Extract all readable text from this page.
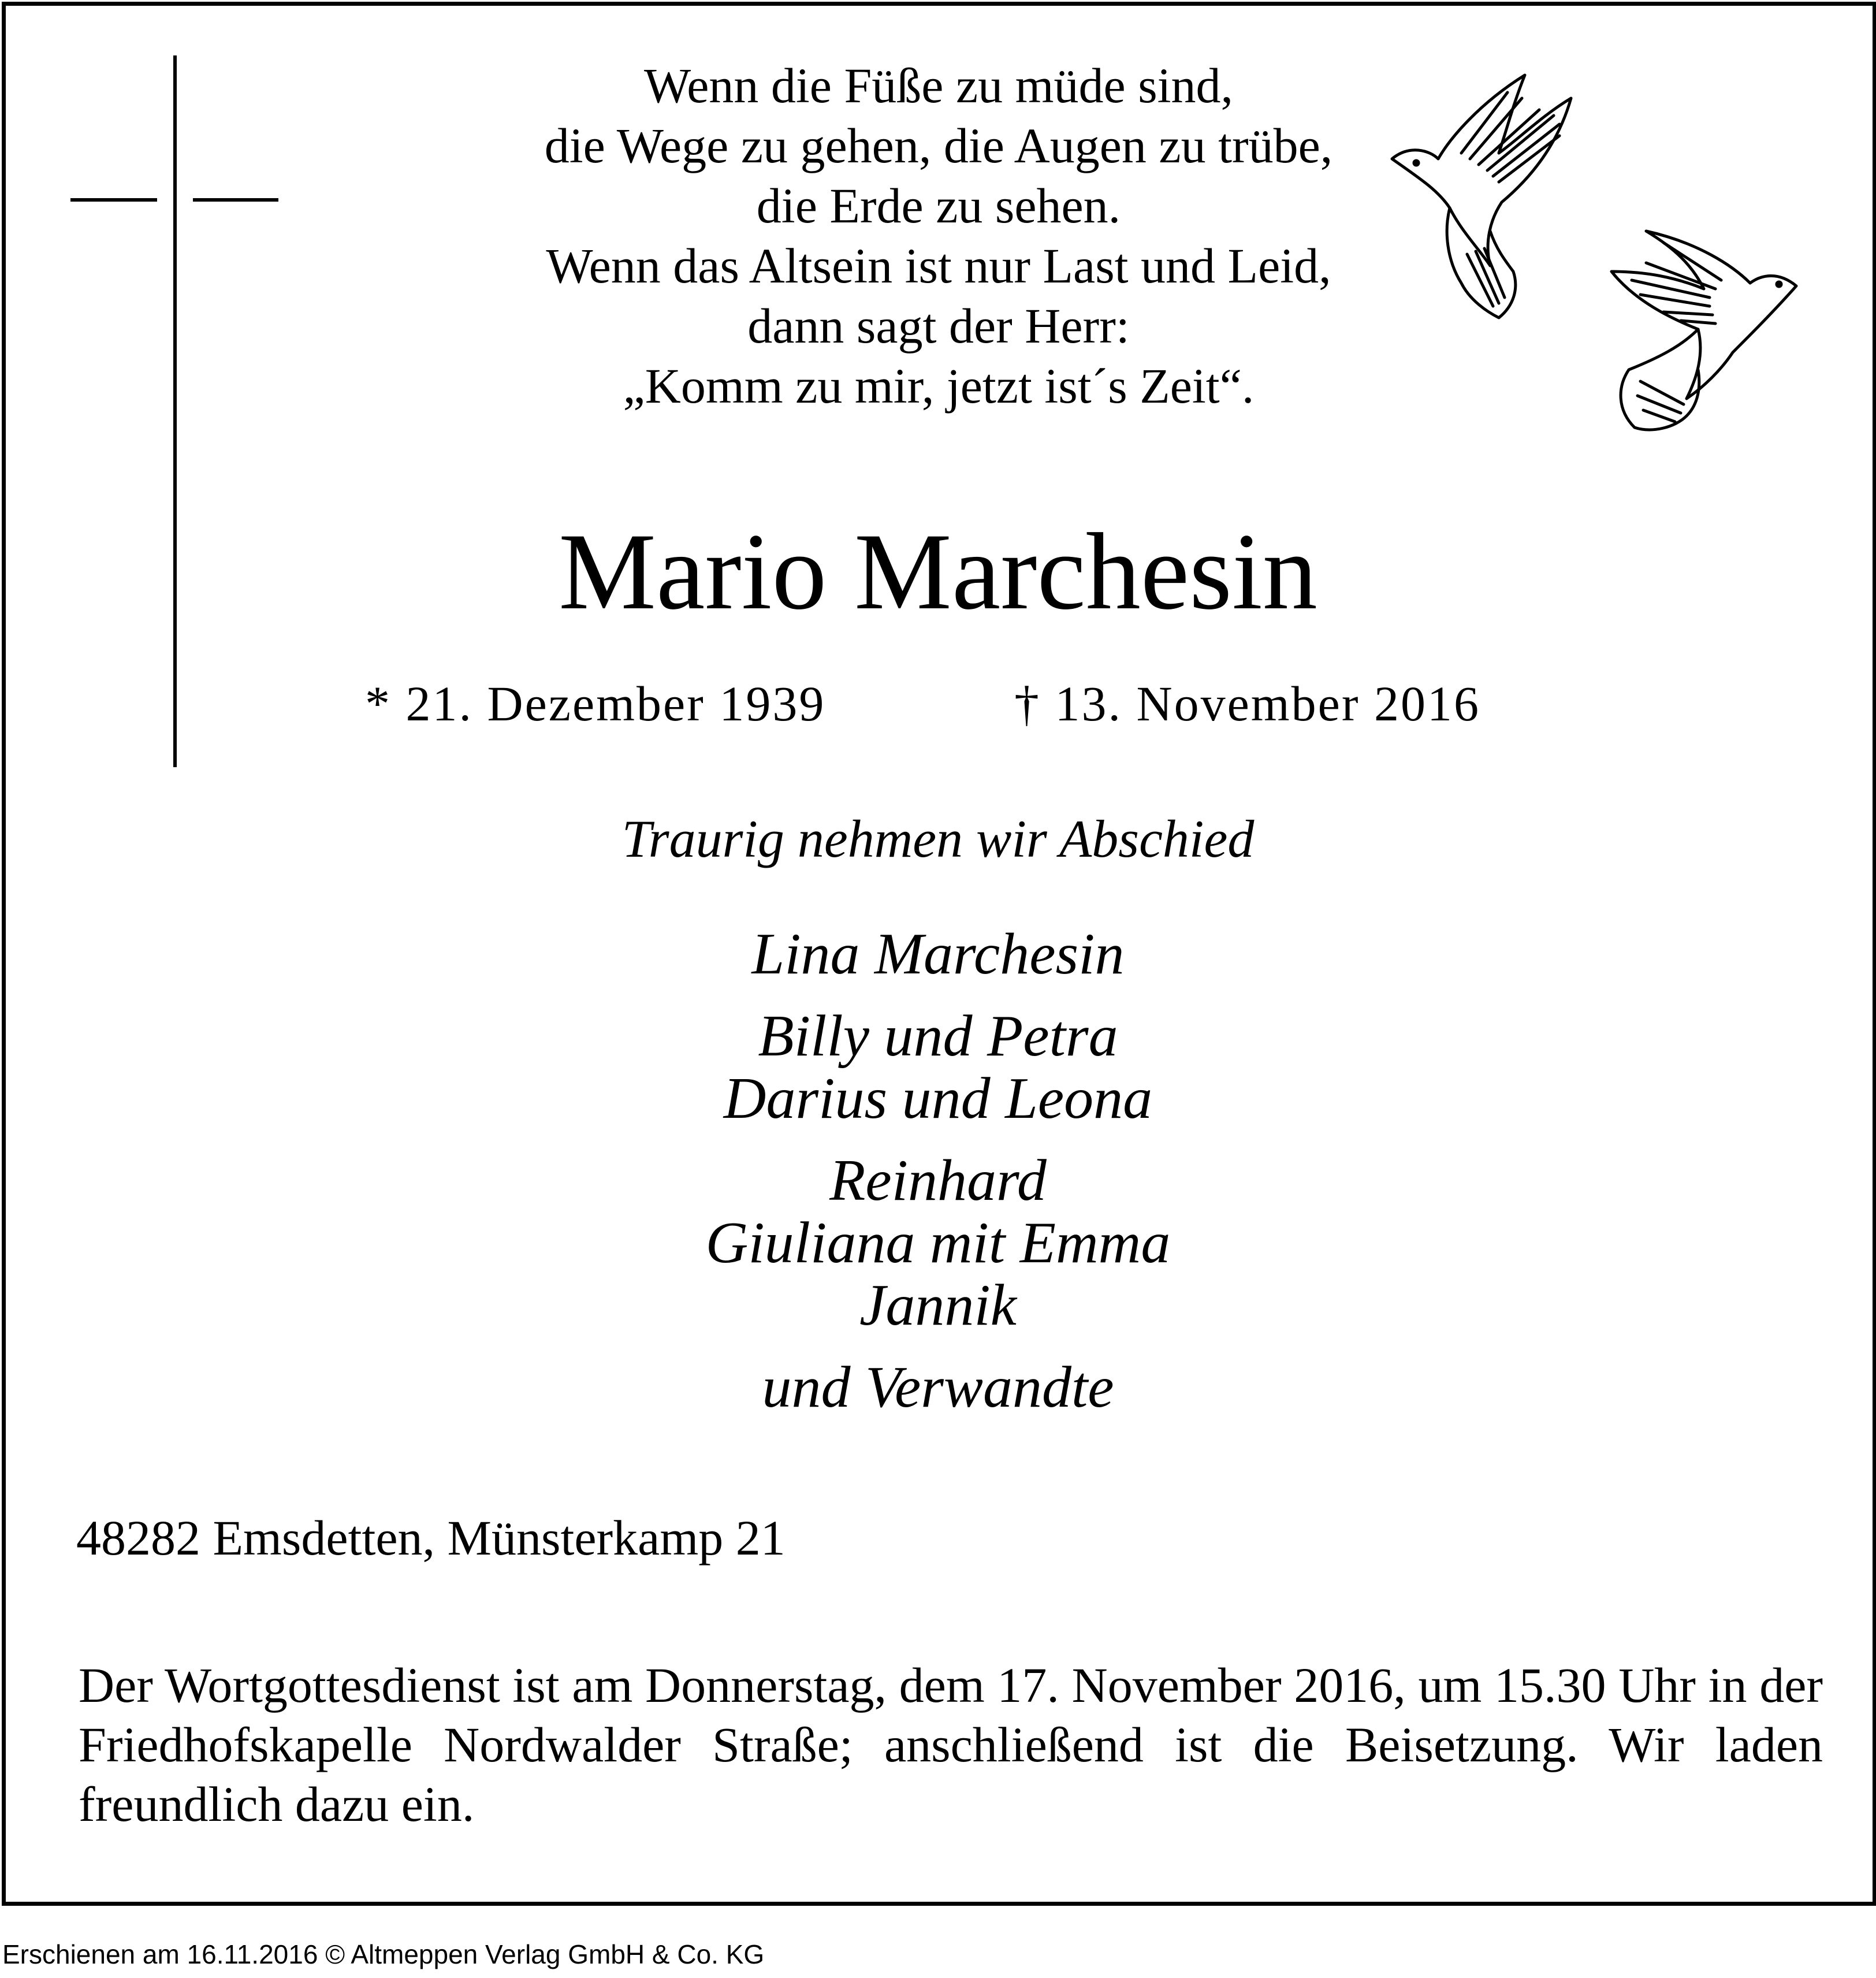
Wenn die Füße zu müde sind,
die Wege zu gehen, die Augen zu trübe,
die Erde zu sehen.
Wenn das Altsein ist nur Last und Leid,
dann sagt der Herr:
„Komm zu mir, jetzt ist´s Zeit“.
Mario Marchesin
* 21. Dezember 1939	† 13. November 2016
Traurig nehmen wir Abschied
Lina Marchesin
Billy und Petra
Darius und Leona
Reinhard
Giuliana mit Emma
Jannik
und Verwandte
48282 Emsdetten, Münsterkamp 21
Der Wortgottesdienst ist am Donnerstag, dem 17. November 2016, um 15.30 Uhr in der Friedhofskapelle Nordwalder Straße; anschließend ist die Beisetzung. Wir laden freundlich dazu ein.
Erschienen am 16.11.2016 © Altmeppen Verlag GmbH & Co. KG
